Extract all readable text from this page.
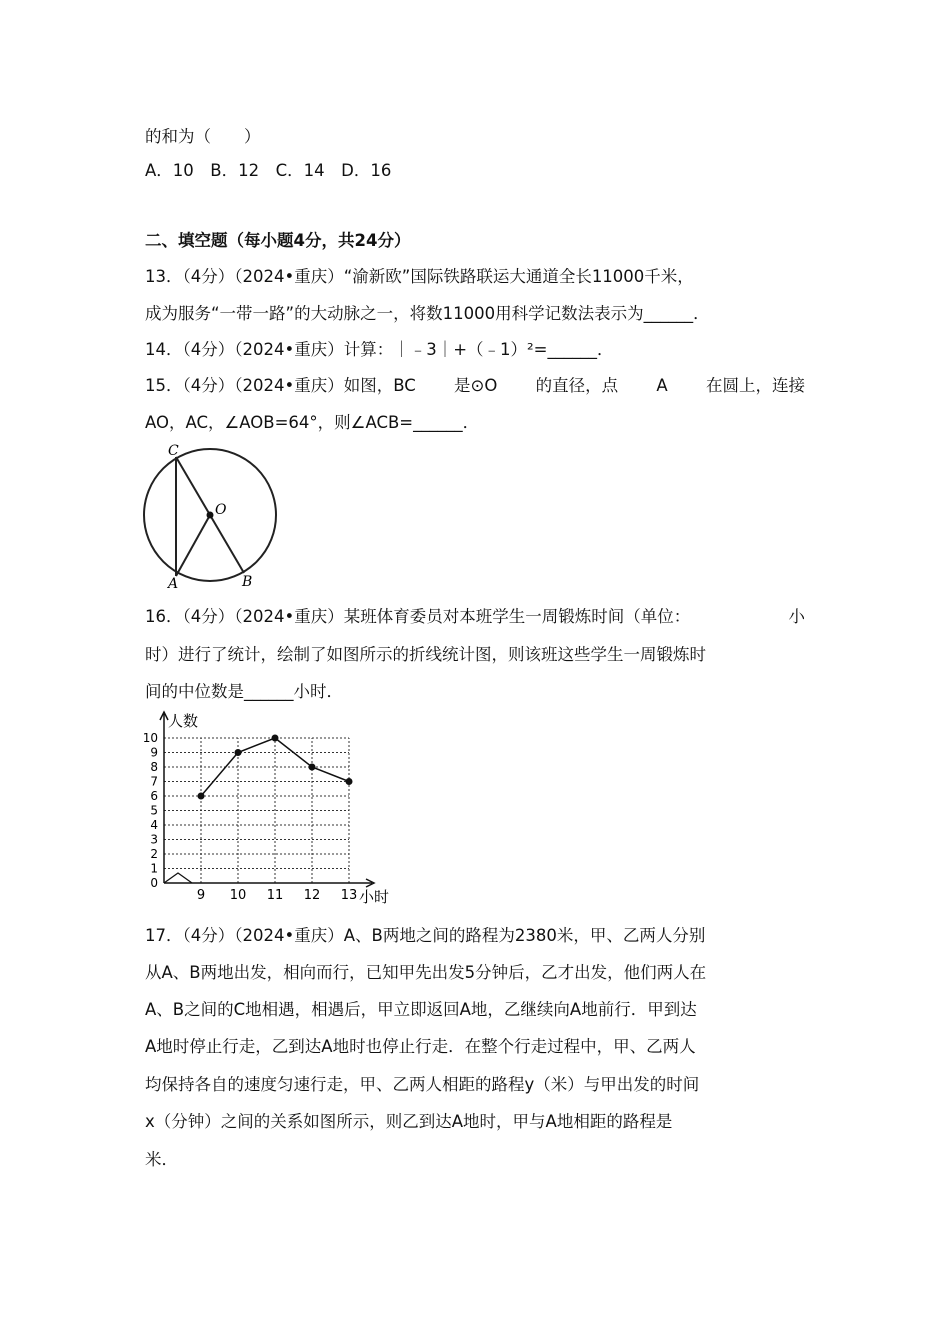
的和为（　　）
A．10　B．12　C．14　D．16
二、填空题（每小题4分，共24分）
13．（4分）（2024•重庆）“渝新欧”国际铁路联运大通道全长11000千米，
成为服务“一带一路”的大动脉之一，将数11000用科学记数法表示为______．
14．（4分）（2024•重庆）计算：｜﹣3｜+（﹣1）²=______．
15．（4分）（2024•重庆）如图，BC 是⊙O 的直径，点 A 在圆上，连接
AO，AC，∠AOB=64°，则∠ACB=______．
C
O
A	B
16．（4分）（2024•重庆）某班体育委员对本班学生一周锻炼时间（单位：	小
时）进行了统计，绘制了如图所示的折线统计图，则该班这些学生一周锻炼时
间的中位数是______小时．
0
1
2
3
4
5
6
7
8
9
10
9 10 11 12 13
人数
小时
17．（4分）（2024•重庆）A、B两地之间的路程为2380米，甲、乙两人分别
从A、B两地出发，相向而行，已知甲先出发5分钟后，乙才出发，他们两人在
A、B之间的C地相遇，相遇后，甲立即返回A地，乙继续向A地前行．甲到达
A地时停止行走，乙到达A地时也停止行走．在整个行走过程中，甲、乙两人
均保持各自的速度匀速行走，甲、乙两人相距的路程y（米）与甲出发的时间
x（分钟）之间的关系如图所示，则乙到达A地时，甲与A地相距的路程是
米．
